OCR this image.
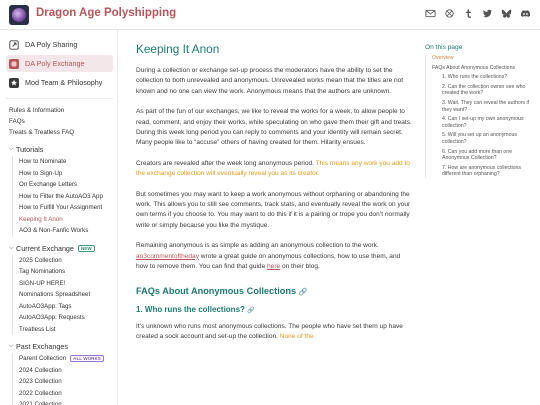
Dragon Age Polyshipping
DA Poly Sharing
DA Poly Exchange
Mod Team & Philosophy
Rules & Information
FAQs
Treats & Treatless FAQ
⌵ Tutorials
How to Nominate
How to Sign-Up
On Exchange Letters
How to Filter the AutoAO3 App
How to Fulfill Your Assignment
Keeping It Anon
AO3 & Non-Fanfic Works
⌵ Current Exchange	NEW
2025 Collection
Tag Nominations
SIGN-UP HERE!
Nominations Spreadsheet
AutoAO3App: Tags
AutoAO3App: Requests
Treatless List
⌵ Past Exchanges
Parent Collection	ALL WORKS
2024 Collection
2023 Collection
2022 Collection
2021 Collection
Keeping It Anon

During a collection or exchange set-up process the moderators have the ability to set the collection to both unrevealed and anonymous. Unrevealed works mean that the titles are not known and no one can view the work. Anonymous means that the authors are unknown.

As part of the fun of our exchanges, we like to reveal the works for a week, to allow people to read, comment, and enjoy their works, while speculating on who gave them their gift and treats. During this week long period you can reply to comments and your identity will remain secret. Many people like to “accuse” others of having created for them. Hilarity ensues.

Creators are revealed after the week long anonymous period. This means any work you add to the exchange collection will eventually reveal you as its creator.

But sometimes you may want to keep a work anonymous without orphaning or abandoning the work. This allows you to still see comments, track stats, and eventually reveal the work on your own terms if you choose to. You may want to do this if it is a pairing or trope you don’t normally write or simply because you like the mystique.

Remaining anonymous is as simple as adding an anonymous collection to the work. ao3commentoftheday wrote a great guide on anonymous collections, how to use them, and how to remove them. You can find that guide here on their blog.

FAQs About Anonymous Collections 🔗
1. Who runs the collections? 🔗

It’s unknown who runs most anonymous collections. The people who have set them up have created a sock account and set-up the collection. None of the

On this page
Overview
FAQs About Anonymous Collections
1. Who runs the collections?
2. Can the collection owner see who created the work?
3. Wait. They can reveal the authors if they want?
4. Can I set-up my own anonymous collection?
5. Will you set up an anonymous collection?
6. Can you add more than one Anonymous Collection?
7. How are anonymous collections different than orphaning?
